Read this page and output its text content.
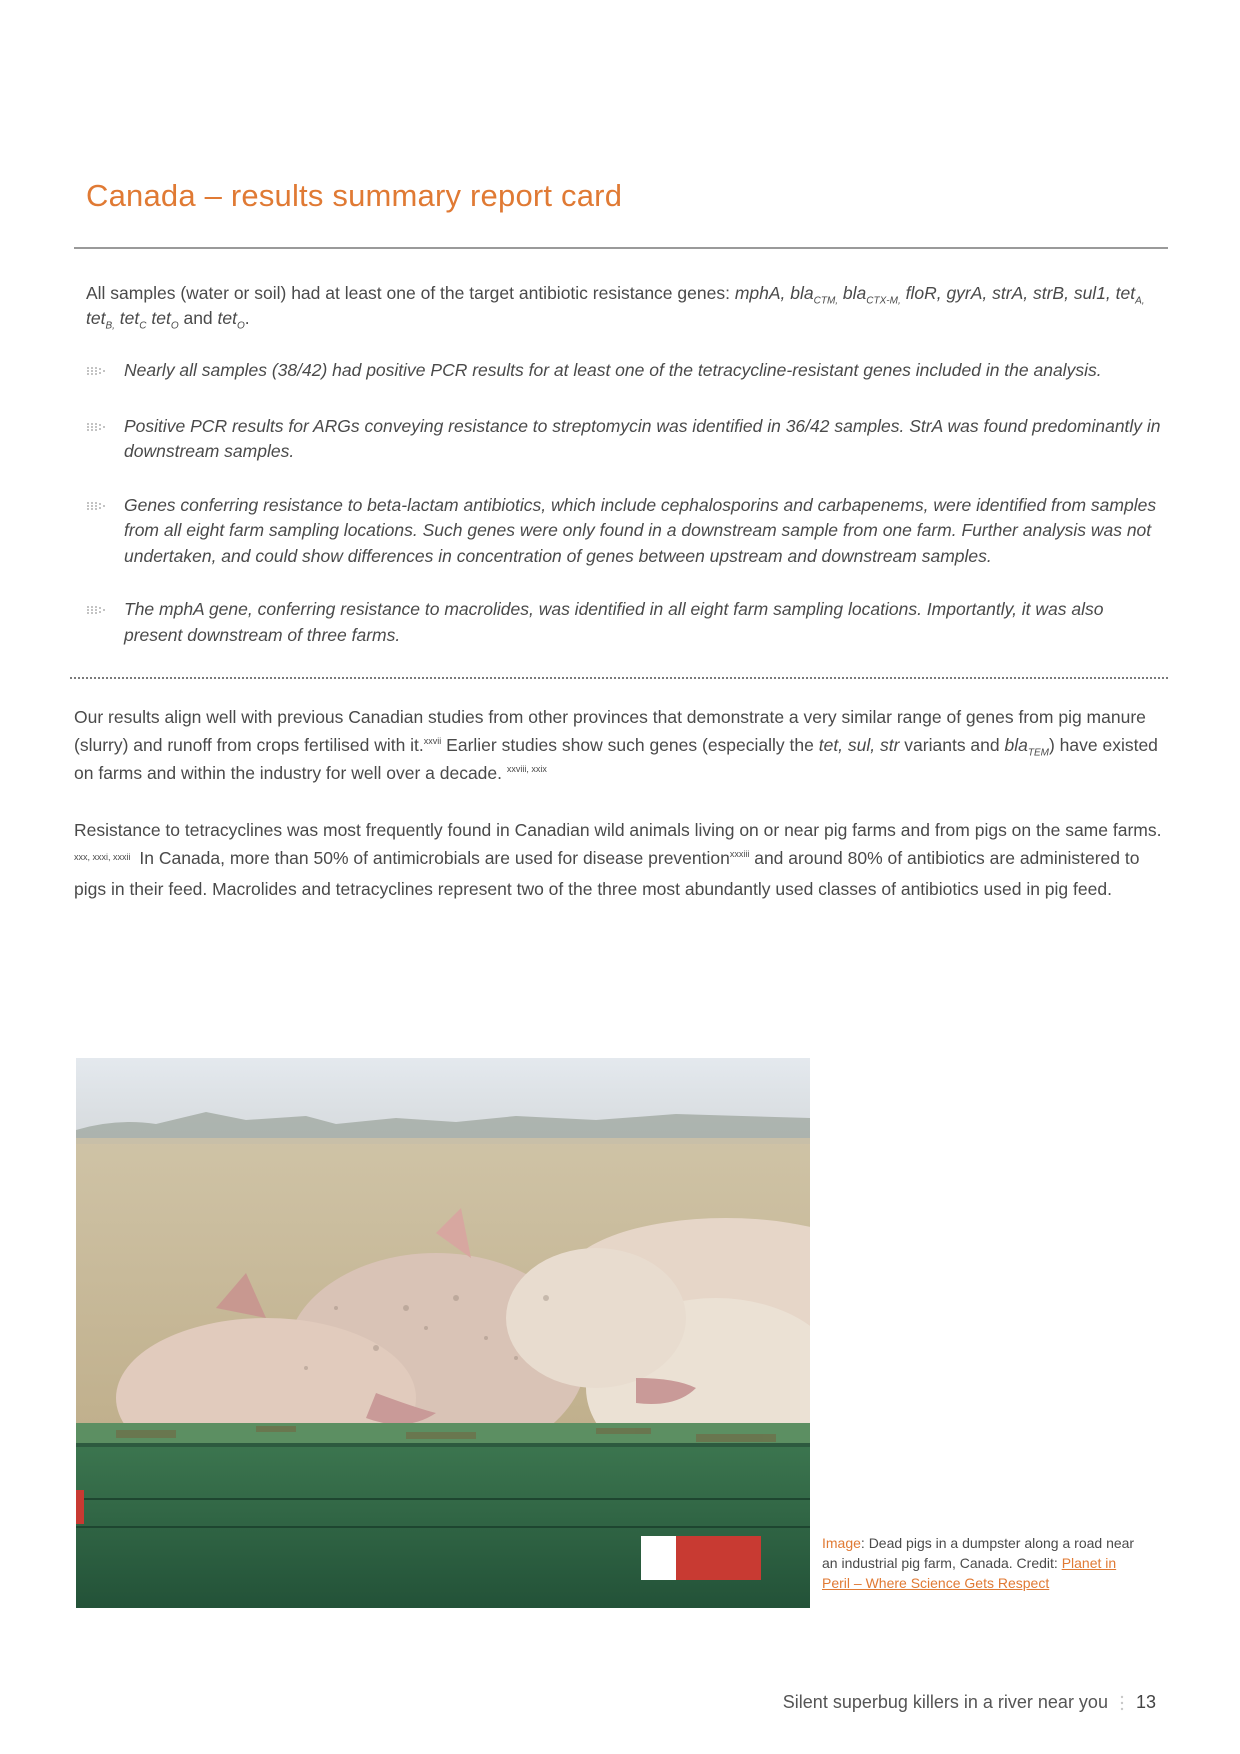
Canada – results summary report card
All samples (water or soil) had at least one of the target antibiotic resistance genes: mphA, bla$_{CTM,}$ bla$_{CTX-M,}$ floR, gyrA, strA, strB, sul1, tet$_{A,}$ tet$_{B,}$ tet$_C$ tet$_O$ and tet$_O$.
Nearly all samples (38/42) had positive PCR results for at least one of the tetracycline-resistant genes included in the analysis.
Positive PCR results for ARGs conveying resistance to streptomycin was identified in 36/42 samples. StrA was found predominantly in downstream samples.
Genes conferring resistance to beta-lactam antibiotics, which include cephalosporins and carbapenems, were identified from samples from all eight farm sampling locations. Such genes were only found in a downstream sample from one farm. Further analysis was not undertaken, and could show differences in concentration of genes between upstream and downstream samples.
The mphA gene, conferring resistance to macrolides, was identified in all eight farm sampling locations. Importantly, it was also present downstream of three farms.
Our results align well with previous Canadian studies from other provinces that demonstrate a very similar range of genes from pig manure (slurry) and runoff from crops fertilised with it.$^{xxvii}$ Earlier studies show such genes (especially the tet, sul, str variants and bla$_{TEM}$) have existed on farms and within the industry for well over a decade. $^{xxviii, xxix}$
Resistance to tetracyclines was most frequently found in Canadian wild animals living on or near pig farms and from pigs on the same farms.
$^{xxx, xxxi, xxxii}$ In Canada, more than 50% of antimicrobials are used for disease prevention$^{xxxiii}$ and around 80% of antibiotics are administered to pigs in their feed. Macrolides and tetracyclines represent two of the three most abundantly used classes of antibiotics used in pig feed.
Image: Dead pigs in a dumpster along a road near an industrial pig farm, Canada. Credit: Planet in Peril – Where Science Gets Respect
Silent superbug killers in a river near you 13
